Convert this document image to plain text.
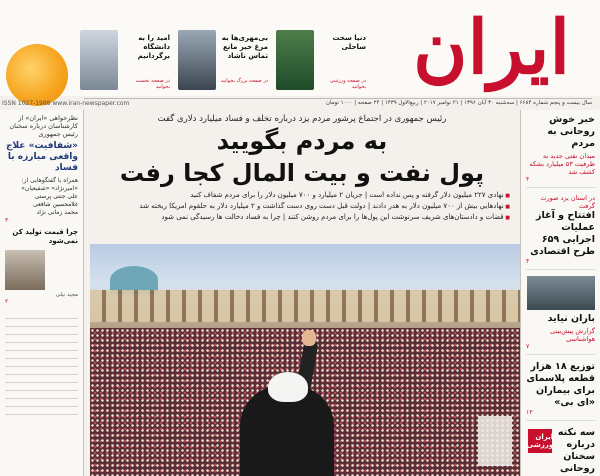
ایران
امید را به دانشگاه برگردانیم
در صفحه نخست بخوانید
بی‌مهری‌ها به مرغ خیر مانع تماس ناشاد
در صفحه بزرگ بخوانید
دنیا سخت ساحلی
در صفحه ورزشی بخوانید
ISSN 1027-1988 www.iran-newspaper.com	سال بیست و پنجم شماره ۶۶۸۴ | سه‌شنبه ۳۰ آبان ۱۳۹۶ | ۲۱ نوامبر ۲۰۱۷ | ربیع‌الاول ۱۴۳۹ | ۲۴ صفحه | ۱۰۰۰ تومان
نظرخواهی «ایران» از کارشناسان درباره سخنان رئیس جمهوری
«شفافیت» علاج واقعی مبارزه با فساد
همراه با گفتگوهایی از: «امیرنژاد» «شفیعیان»
علی جنتی پرستی
غلامحسین شافعی
محمد زمانی نژاد
۳
چرا قیمت تولید کن نمی‌شود
مجید نیلی
۲
رئیس جمهوری در اجتماع پرشور مردم یزد درباره تخلف و فساد میلیارد دلاری گفت
به مردم بگویید
پول نفت و بیت المال کجا رفت
■ نهادی ۲۲۷ میلیون دلار گرفته و پس نداده است | جریان ۲ میلیارد و ۷۰۰ میلیون دلار را برای مردم شفاف کنید
■ نهادهایی بیش از ۷۰۰ میلیون دلار به هدر دادند | دولت قبل دست روی دست گذاشت و ۲ میلیارد دلار به حلقوم امریکا ریخته شد
■ قضات و دادستان‌های شریف سرنوشت این پول‌ها را برای مردم روشن کنند | چرا به فساد دخالت ها رسیدگی نمی شود
خبر خوش روحانی به مردم
میدان نفتی جدید به ظرفیت ۵۳ میلیارد بشکه کشف شد
۴
در استان یزد صورت گرفت
افتتاح و آغاز عملیات اجرایی ۶۵۹ طرح اقتصادی
۴
باران نیاید
گزارش پیش‌بینی هواشناسی
۷
توزیع ۱۸ هزار قطعه پلاسمای برای بیماران «ای بی»
۱۳
ایران ورزشی
سه نکته درباره سخنان روحانی
